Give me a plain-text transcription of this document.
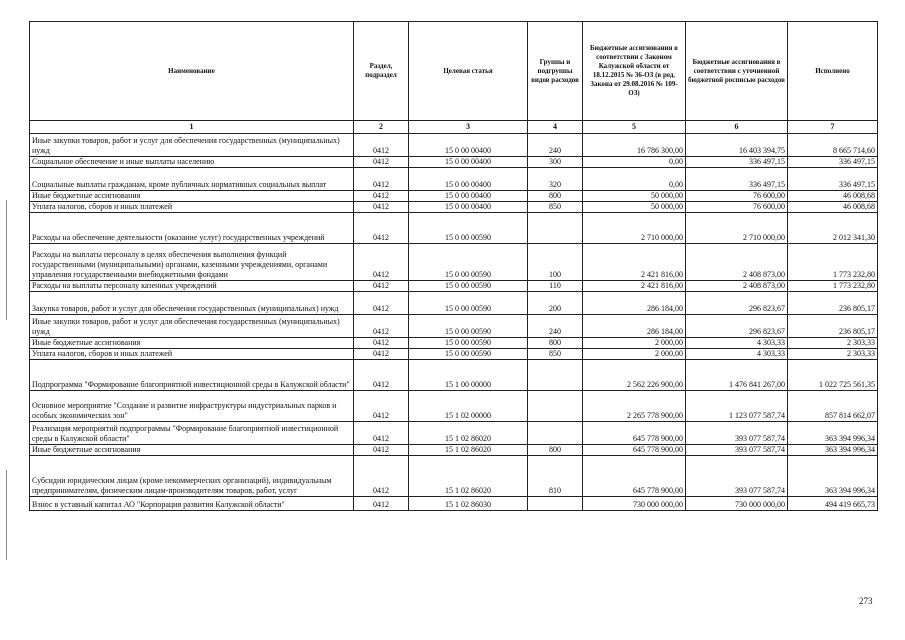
Наименование	Раздел, подраздел	Целевая статья	Группы и подгруппы видов расходов	Бюджетные ассигнования в соответствии с Законом Калужской области от 18.12.2015 № 36-ОЗ (в ред. Закона от 29.08.2016 № 109-ОЗ)	Бюджетные ассигнования в соответствии с уточненной бюджетной росписью расходов	Исполнено
1	2	3	4	5	6	7
Иные закупки товаров, работ и услуг для обеспечения государственных (муниципальных) нужд	0412	15 0 00 00400	240	16 786 300,00	16 403 394,75	8 665 714,60
Социальное обеспечение и иные выплаты населению	0412	15 0 00 00400	300	0,00	336 497,15	336 497,15
Социальные выплаты гражданам, кроме публичных нормативных социальных выплат	0412	15 0 00 00400	320	0,00	336 497,15	336 497,15
Иные бюджетные ассигнования	0412	15 0 00 00400	800	50 000,00	76 600,00	46 008,68
Уплата налогов, сборов и иных платежей	0412	15 0 00 00400	850	50 000,00	76 600,00	46 008,68
Расходы на обеспечение деятельности (оказание услуг) государственных учреждений	0412	15 0 00 00590		2 710 000,00	2 710 000,00	2 012 341,30
Расходы на выплаты персоналу в целях обеспечения выполнения функций государственными (муниципальными) органами, казенными учреждениями, органами управления государственными внебюджетными фондами	0412	15 0 00 00590	100	2 421 816,00	2 408 873,00	1 773 232,80
Расходы на выплаты персоналу казенных учреждений	0412	15 0 00 00590	110	2 421 816,00	2 408 873,00	1 773 232,80
Закупка товаров, работ и услуг для обеспечения государственных (муниципальных) нужд	0412	15 0 00 00590	200	286 184,00	296 823,67	236 805,17
Иные закупки товаров, работ и услуг для обеспечения государственных (муниципальных) нужд	0412	15 0 00 00590	240	286 184,00	296 823,67	236 805,17
Иные бюджетные ассигнования	0412	15 0 00 00590	800	2 000,00	4 303,33	2 303,33
Уплата налогов, сборов и иных платежей	0412	15 0 00 00590	850	2 000,00	4 303,33	2 303,33
Подпрограмма "Формирование благоприятной инвестиционной среды в Калужской области"	0412	15 1 00 00000		2 562 226 900,00	1 476 841 267,00	1 022 725 561,35
Основное мероприятие "Создание и развитие инфраструктуры индустриальных парков и особых экономических зон"	0412	15 1 02 00000		2 265 778 900,00	1 123 077 587,74	857 814 662,07
Реализация мероприятий подпрограммы "Формирование благоприятной инвестиционной среды в Калужской области"	0412	15 1 02 86020		645 778 900,00	393 077 587,74	363 394 996,34
Иные бюджетные ассигнования	0412	15 1 02 86020	800	645 778 900,00	393 077 587,74	363 394 996,34
Субсидии юридическим лицам (кроме некоммерческих организаций), индивидуальным предпринимателям, физическим лицам-производителям товаров, работ, услуг	0412	15 1 02 86020	810	645 778 900,00	393 077 587,74	363 394 996,34
Взнос в уставный капитал АО "Корпорация развития Калужской области"	0412	15 1 02 86030		730 000 000,00	730 000 000,00	494 419 665,73
273
